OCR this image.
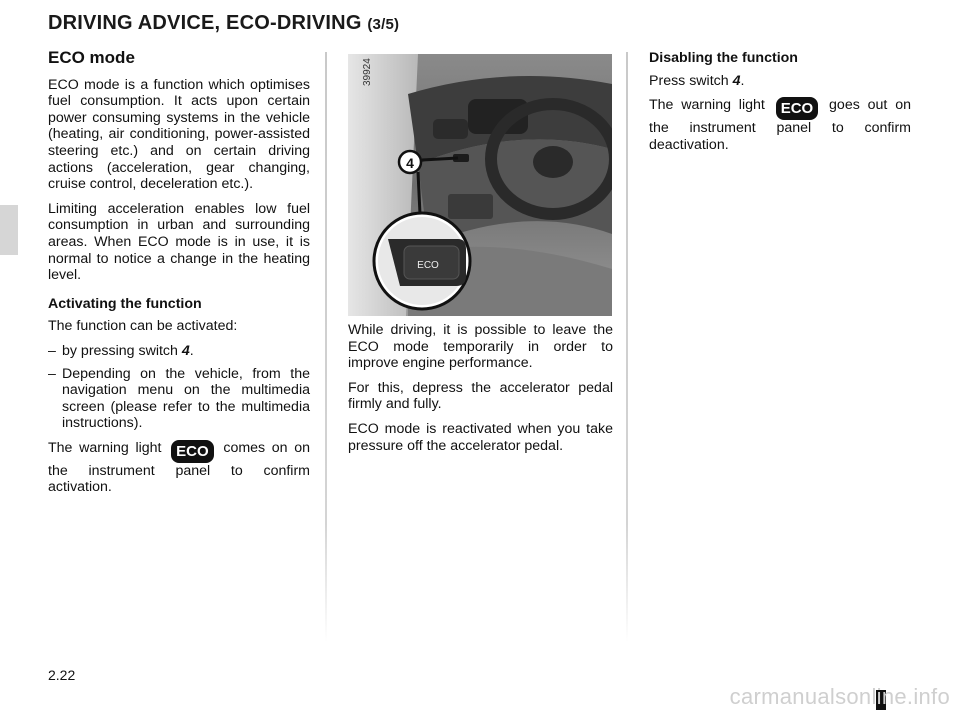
DRIVING ADVICE, ECO-DRIVING (3/5)
ECO mode

ECO mode is a function which optimises fuel consumption. It acts upon certain power consuming systems in the vehicle (heating, air conditioning, power-assisted steering etc.) and on certain driving actions (acceleration, gear changing, cruise control, deceleration etc.).

Limiting acceleration enables low fuel consumption in urban and surrounding areas. When ECO mode is in use, it is normal to notice a change in the heating level.

Activating the function

The function can be activated:

– by pressing switch 4.
– Depending on the vehicle, from the navigation menu on the multimedia screen (please refer to the multimedia instructions).

The warning light ECO comes on on the instrument panel to confirm activation.

39924
4
ECO

While driving, it is possible to leave the ECO mode temporarily in order to improve engine performance.

For this, depress the accelerator pedal firmly and fully.

ECO mode is reactivated when you take pressure off the accelerator pedal.

Disabling the function

Press switch 4.

The warning light ECO goes out on the instrument panel to confirm deactivation.

2.22
carmanualsonline.info
